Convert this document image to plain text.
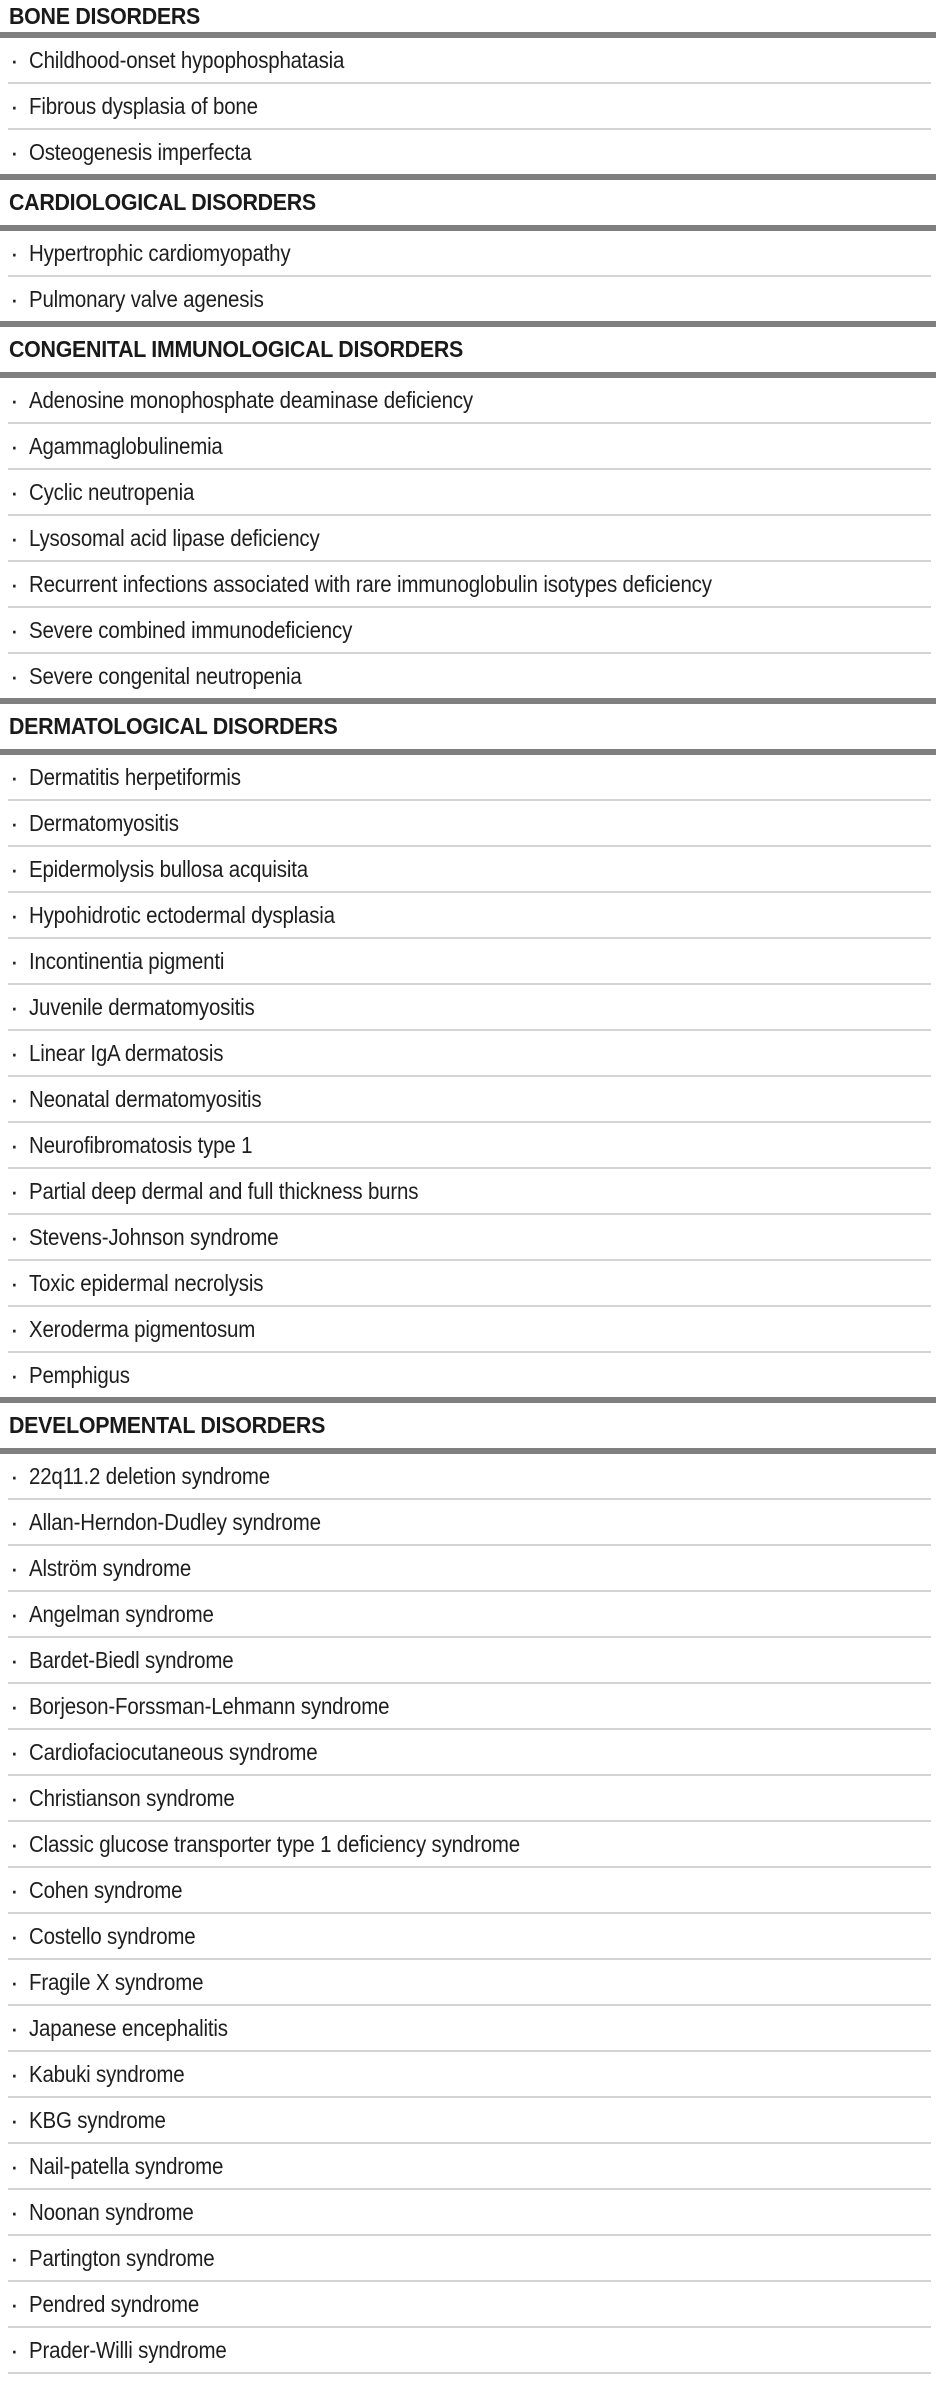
BONE DISORDERS
· Childhood-onset hypophosphatasia
· Fibrous dysplasia of bone
· Osteogenesis imperfecta
CARDIOLOGICAL DISORDERS
· Hypertrophic cardiomyopathy
· Pulmonary valve agenesis
CONGENITAL IMMUNOLOGICAL DISORDERS
· Adenosine monophosphate deaminase deficiency
· Agammaglobulinemia
· Cyclic neutropenia
· Lysosomal acid lipase deficiency
· Recurrent infections associated with rare immunoglobulin isotypes deficiency
· Severe combined immunodeficiency
· Severe congenital neutropenia
DERMATOLOGICAL DISORDERS
· Dermatitis herpetiformis
· Dermatomyositis
· Epidermolysis bullosa acquisita
· Hypohidrotic ectodermal dysplasia
· Incontinentia pigmenti
· Juvenile dermatomyositis
· Linear IgA dermatosis
· Neonatal dermatomyositis
· Neurofibromatosis type 1
· Partial deep dermal and full thickness burns
· Stevens-Johnson syndrome
· Toxic epidermal necrolysis
· Xeroderma pigmentosum
· Pemphigus
DEVELOPMENTAL DISORDERS
· 22q11.2 deletion syndrome
· Allan-Herndon-Dudley syndrome
· Alström syndrome
· Angelman syndrome
· Bardet-Biedl syndrome
· Borjeson-Forssman-Lehmann syndrome
· Cardiofaciocutaneous syndrome
· Christianson syndrome
· Classic glucose transporter type 1 deficiency syndrome
· Cohen syndrome
· Costello syndrome
· Fragile X syndrome
· Japanese encephalitis
· Kabuki syndrome
· KBG syndrome
· Nail-patella syndrome
· Noonan syndrome
· Partington syndrome
· Pendred syndrome
· Prader-Willi syndrome
